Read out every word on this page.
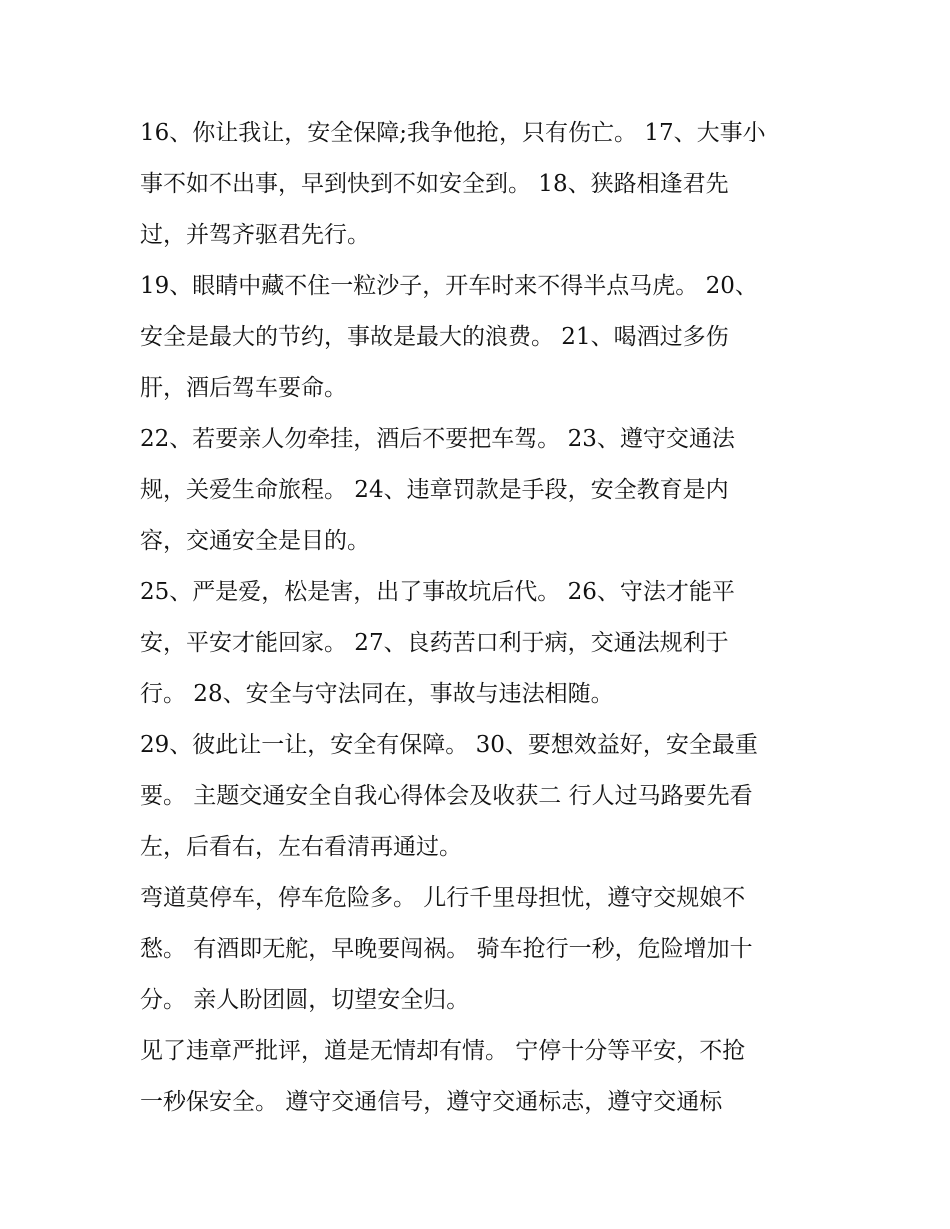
16、你让我让，安全保障;我争他抢，只有伤亡。 17、大事小
事不如不出事，早到快到不如安全到。 18、狭路相逢君先
过，并驾齐驱君先行。
19、眼睛中藏不住一粒沙子，开车时来不得半点马虎。 20、
安全是最大的节约，事故是最大的浪费。 21、喝酒过多伤
肝，酒后驾车要命。
22、若要亲人勿牵挂，酒后不要把车驾。 23、遵守交通法
规，关爱生命旅程。 24、违章罚款是手段，安全教育是内
容，交通安全是目的。
25、严是爱，松是害，出了事故坑后代。 26、守法才能平
安，平安才能回家。 27、良药苦口利于病，交通法规利于
行。 28、安全与守法同在，事故与违法相随。
29、彼此让一让，安全有保障。 30、要想效益好，安全最重
要。 主题交通安全自我心得体会及收获二 行人过马路要先看
左，后看右，左右看清再通过。
弯道莫停车，停车危险多。 儿行千里母担忧，遵守交规娘不
愁。 有酒即无舵，早晚要闯祸。 骑车抢行一秒，危险增加十
分。 亲人盼团圆，切望安全归。
见了违章严批评，道是无情却有情。 宁停十分等平安，不抢
一秒保安全。 遵守交通信号，遵守交通标志，遵守交通标
